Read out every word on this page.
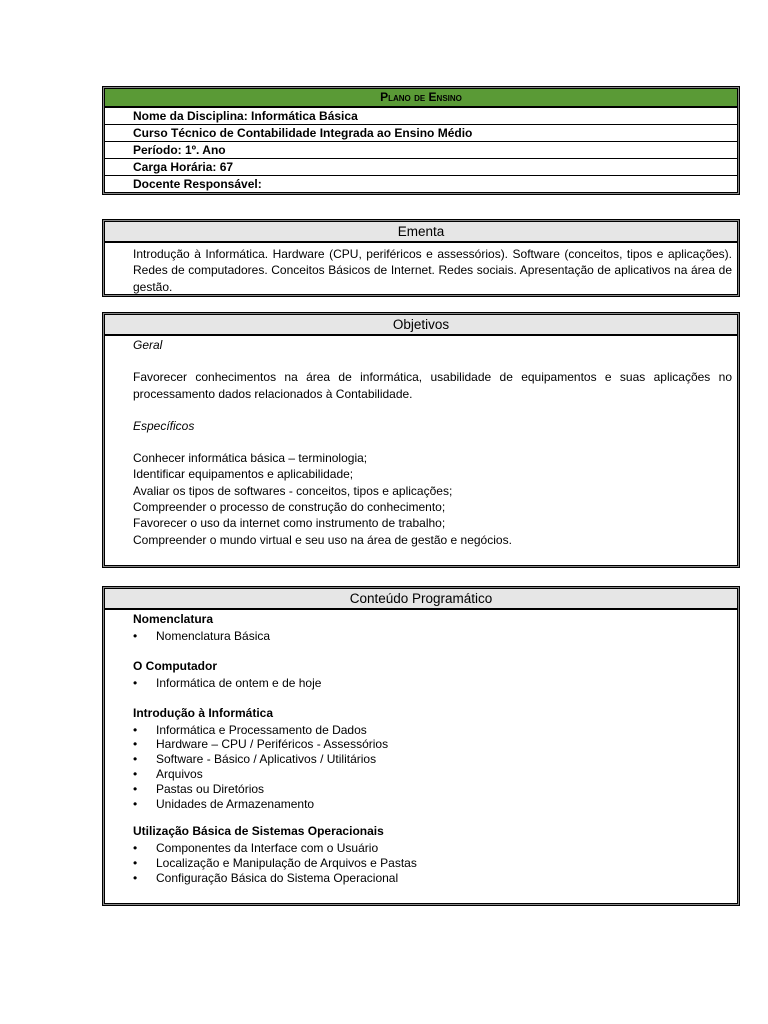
Plano de Ensino
Nome da Disciplina: Informática Básica
Curso Técnico de Contabilidade Integrada ao Ensino Médio
Período: 1º. Ano
Carga Horária: 67
Docente Responsável:
Ementa
Introdução à Informática. Hardware (CPU, periféricos e assessórios). Software (conceitos, tipos e aplicações). Redes de computadores. Conceitos Básicos de Internet. Redes sociais. Apresentação de aplicativos na área de gestão.
Objetivos
Geral
Favorecer conhecimentos na área de informática, usabilidade de equipamentos e suas aplicações no processamento dados relacionados à Contabilidade.
Específicos
Conhecer informática básica – terminologia;
Identificar equipamentos e aplicabilidade;
Avaliar os tipos de softwares - conceitos, tipos e aplicações;
Compreender o processo de construção do conhecimento;
Favorecer o uso da internet como instrumento de trabalho;
Compreender o mundo virtual e seu uso na área de gestão e negócios.
Conteúdo Programático
Nomenclatura
• Nomenclatura Básica
O Computador
• Informática de ontem e de hoje
Introdução à Informática
• Informática e Processamento de Dados
• Hardware – CPU / Periféricos - Assessórios
• Software - Básico / Aplicativos / Utilitários
• Arquivos
• Pastas ou Diretórios
• Unidades de Armazenamento
Utilização Básica de Sistemas Operacionais
• Componentes da Interface com o Usuário
• Localização e Manipulação de Arquivos e Pastas
• Configuração Básica do Sistema Operacional
